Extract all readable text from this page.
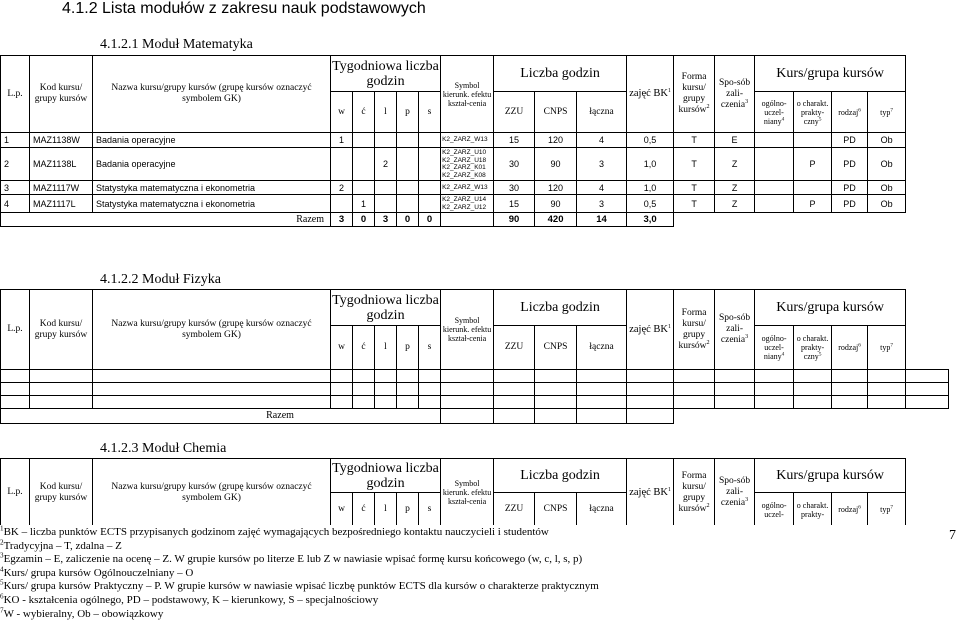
4.1.2 Lista modułów z zakresu nauk podstawowych
4.1.2.1 Moduł Matematyka
L.p.	Kod kursu/ grupy kursów	Nazwa kursu/grupy kursów (grupę kursów oznaczyć symbolem GK)	Tygodniowa liczba godzin					Symbol kierunk. efektu kształ-cenia	Liczba godzin			zajęć $BK^1$	Forma kursu/ grupy kursów$^2$	Spo-sób zali-czenia$^3$	Kurs/grupa kursów				
			w	ć	l	p	s		ZZU	CNPS	łączna				ogólno-uczel-niany$^4$	o charakt. prakty-czny$^5$	rodzaj$^6$	typ$^7$
1	MAZ1138W	Badania operacyjne	1					K2_ZARZ_W13	15	120	4	0,5	T	E			PD	Ob	
2	MAZ1138L	Badania operacyjne			2			K2_ZARZ_U10
K2_ZARZ_U18
K2_ZARZ_K01
K2_ZARZ_K08	30	90	3	1,0	T	Z		P	PD	Ob	
3	MAZ1117W	Statystyka matematyczna i ekonometria	2					K2_ZARZ_W13	30	120	4	1,0	T	Z			PD	Ob	
4	MAZ1117L	Statystyka matematyczna i ekonometria		1				K2_ZARZ_U14
K2_ZARZ_U12	15	90	3	0,5	T	Z		P	PD	Ob	
Razem			3	0	3	0	0		90	420	14	3,0							
4.1.2.2 Moduł Fizyka
L.p.	Kod kursu/ grupy kursów	Nazwa kursu/grupy kursów (grupę kursów oznaczyć symbolem GK)	Tygodniowa liczba godzin					Symbol kierunk. efektu kształ-cenia	Liczba godzin			zajęć $BK^1$	Forma kursu/ grupy kursów$^2$	Spo-sób zali-czenia$^3$	Kurs/grupa kursów				
			w	ć	l	p	s		ZZU	CNPS	łączna				ogólno-uczel-niany$^4$	o charakt. prakty-czny$^5$	rodzaj$^6$	typ$^7$

Razem																			
4.1.2.3 Moduł Chemia
L.p.	Kod kursu/ grupy kursów	Nazwa kursu/grupy kursów (grupę kursów oznaczyć symbolem GK)	Tygodniowa liczba godzin					Symbol kierunk. efektu kształ-cenia	Liczba godzin			zajęć $BK^1$	Forma kursu/ grupy kursów$^2$	Spo-sób zali-czenia$^3$	Kurs/grupa kursów			
			w	ć	l	p	s		ZZU	CNPS	łączna				ogólno-uczel-	o charakt. prakty-	rodzaj$^6$	typ$^7$
$^1$BK – liczba punktów ECTS przypisanych godzinom zajęć wymagających bezpośredniego kontaktu nauczycieli i studentów
$^2$Tradycyjna – T, zdalna – Z
$^3$Egzamin – E, zaliczenie na ocenę – Z. W grupie kursów po literze E lub Z w nawiasie wpisać formę kursu końcowego (w, c, l, s, p)
$^4$Kurs/ grupa kursów Ogólnouczelniany – O
$^5$Kurs/ grupa kursów Praktyczny – P. W grupie kursów w nawiasie wpisać liczbę punktów ECTS dla kursów o charakterze praktycznym
$^6$KO - kształcenia ogólnego, PD – podstawowy, K – kierunkowy, S – specjalnościowy
$^7$W - wybieralny, Ob – obowiązkowy
7
